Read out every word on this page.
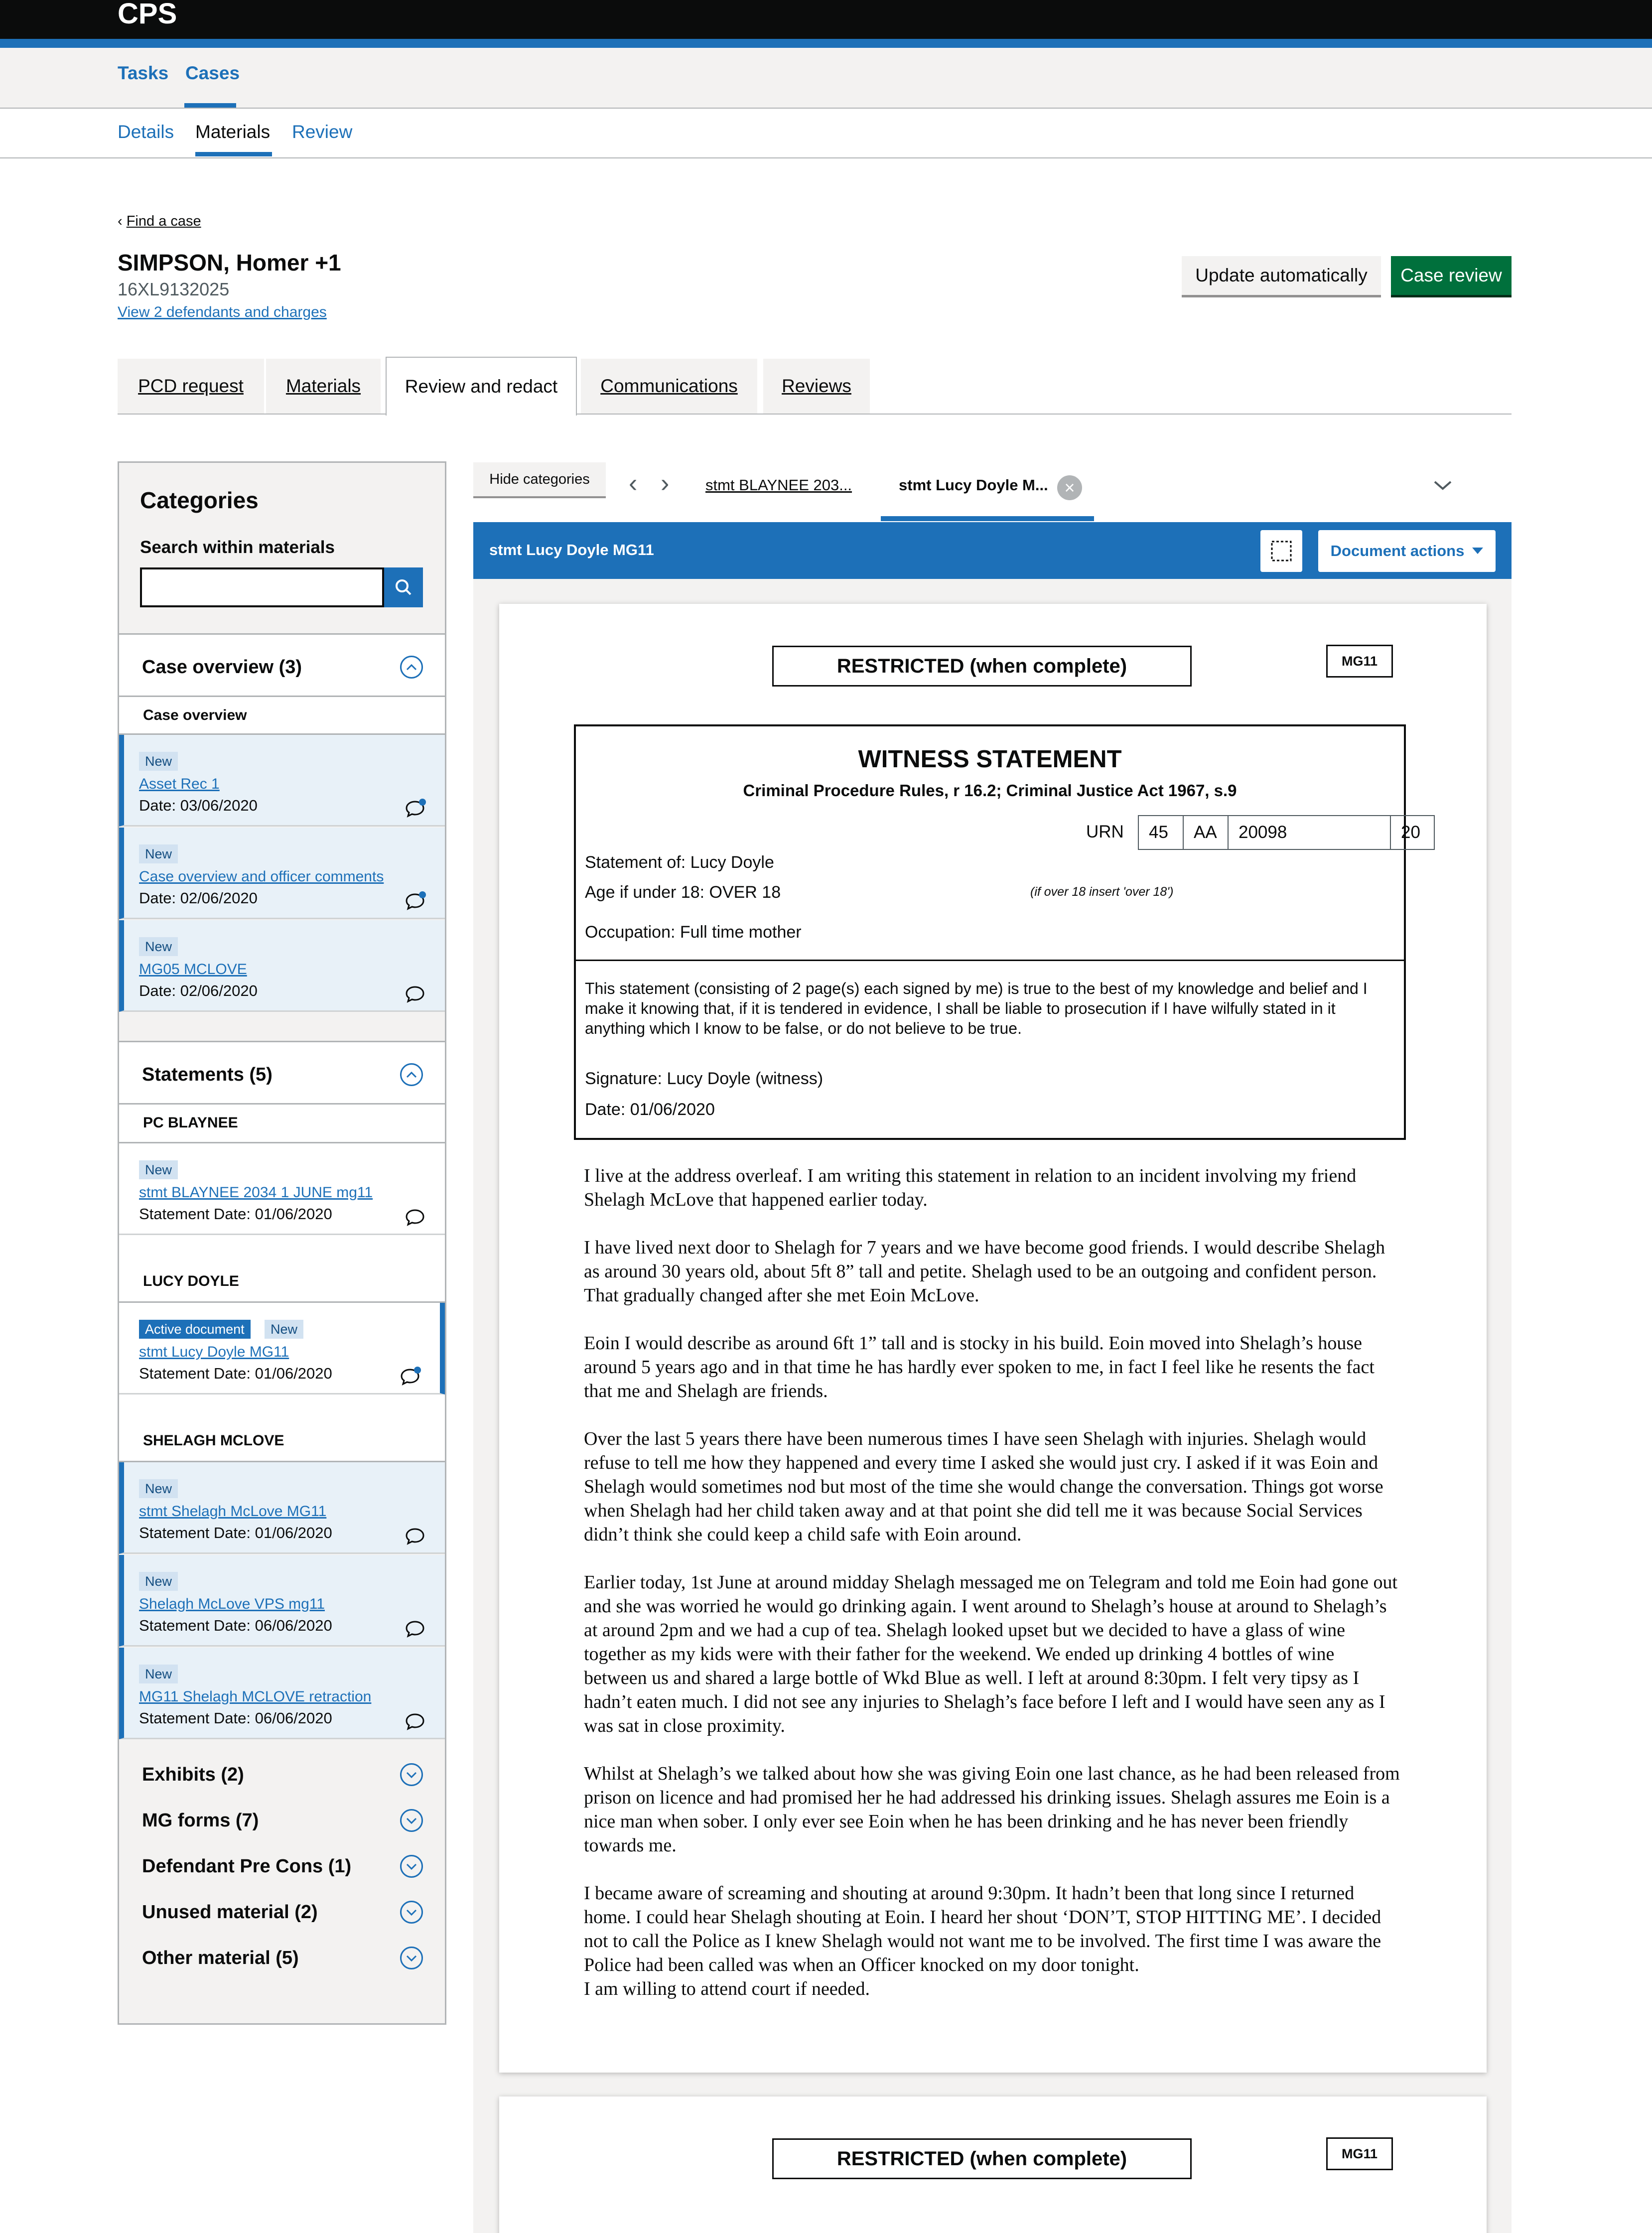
CPS
Tasks Cases
Details Materials Review
‹ Find a case
SIMPSON, Homer +1
16XL9132025
View 2 defendants and charges
Update automatically	Case review
PCD request Materials Review and redact Communications Reviews
Categories
Search within materials
Case overview (3)
Case overview
New
Asset Rec 1
Date: 03/06/2020
New
Case overview and officer comments
Date: 02/06/2020
New
MG05 MCLOVE
Date: 02/06/2020
Statements (5)
PC BLAYNEE
New
stmt BLAYNEE 2034 1 JUNE mg11
Statement Date: 01/06/2020
LUCY DOYLE
Active document	New
stmt Lucy Doyle MG11
Statement Date: 01/06/2020
SHELAGH MCLOVE
New
stmt Shelagh McLove MG11
Statement Date: 01/06/2020
New
Shelagh McLove VPS mg11
Statement Date: 06/06/2020
New
MG11 Shelagh MCLOVE retraction
Statement Date: 06/06/2020
Exhibits (2)
MG forms (7)
Defendant Pre Cons (1)
Unused material (2)
Other material (5)
Hide categories	‹ › stmt BLAYNEE 203...	stmt Lucy Doyle M... ×
stmt Lucy Doyle MG11	Document actions
RESTRICTED (when complete)	MG11
WITNESS STATEMENT
Criminal Procedure Rules, r 16.2; Criminal Justice Act 1967, s.9
URN	45	AA	20098	20
Statement of: Lucy Doyle
Age if under 18: OVER 18	(if over 18 insert 'over 18')
Occupation: Full time mother
This statement (consisting of 2 page(s) each signed by me) is true to the best of my knowledge and belief and I make it knowing that, if it is tendered in evidence, I shall be liable to prosecution if I have wilfully stated in it anything which I know to be false, or do not believe to be true.
Signature: Lucy Doyle (witness)
Date: 01/06/2020

I live at the address overleaf. I am writing this statement in relation to an incident involving my friend Shelagh McLove that happened earlier today.

I have lived next door to Shelagh for 7 years and we have become good friends. I would describe Shelagh as around 30 years old, about 5ft 8” tall and petite. Shelagh used to be an outgoing and confident person. That gradually changed after she met Eoin McLove.

Eoin I would describe as around 6ft 1” tall and is stocky in his build. Eoin moved into Shelagh’s house around 5 years ago and in that time he has hardly ever spoken to me, in fact I feel like he resents the fact that me and Shelagh are friends.

Over the last 5 years there have been numerous times I have seen Shelagh with injuries. Shelagh would refuse to tell me how they happened and every time I asked she would just cry. I asked if it was Eoin and Shelagh would sometimes nod but most of the time she would change the conversation. Things got worse when Shelagh had her child taken away and at that point she did tell me it was because Social Services didn’t think she could keep a child safe with Eoin around.

Earlier today, 1st June at around midday Shelagh messaged me on Telegram and told me Eoin had gone out and she was worried he would go drinking again. I went around to Shelagh’s house at around to Shelagh’s at around 2pm and we had a cup of tea. Shelagh looked upset but we decided to have a glass of wine together as my kids were with their father for the weekend. We ended up drinking 4 bottles of wine between us and shared a large bottle of Wkd Blue as well. I left at around 8:30pm. I felt very tipsy as I hadn’t eaten much. I did not see any injuries to Shelagh’s face before I left and I would have seen any as I was sat in close proximity.

Whilst at Shelagh’s we talked about how she was giving Eoin one last chance, as he had been released from prison on licence and had promised her he had addressed his drinking issues. Shelagh assures me Eoin is a nice man when sober. I only ever see Eoin when he has been drinking and he has never been friendly towards me.

I became aware of screaming and shouting at around 9:30pm. It hadn’t been that long since I returned home. I could hear Shelagh shouting at Eoin. I heard her shout ‘DON’T, STOP HITTING ME’. I decided not to call the Police as I knew Shelagh would not want me to be involved. The first time I was aware the Police had been called was when an Officer knocked on my door tonight.

I am willing to attend court if needed.

RESTRICTED (when complete)	MG11
